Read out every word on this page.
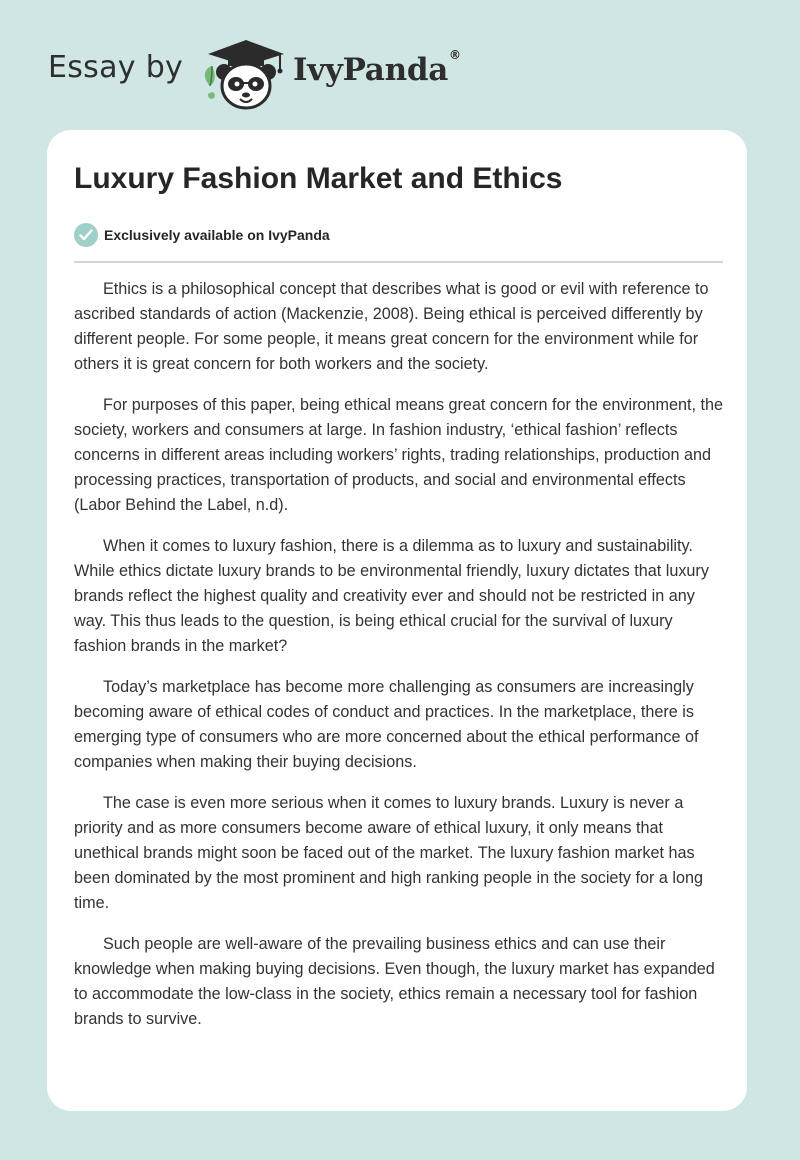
Essay by	IvyPanda®
Luxury Fashion Market and Ethics
Exclusively available on IvyPanda

Ethics is a philosophical concept that describes what is good or evil with reference to ascribed standards of action (Mackenzie, 2008). Being ethical is perceived differently by different people. For some people, it means great concern for the environment while for others it is great concern for both workers and the society.

For purposes of this paper, being ethical means great concern for the environment, the society, workers and consumers at large. In fashion industry, ‘ethical fashion’ reflects concerns in different areas including workers’ rights, trading relationships, production and processing practices, transportation of products, and social and environmental effects (Labor Behind the Label, n.d).

When it comes to luxury fashion, there is a dilemma as to luxury and sustainability. While ethics dictate luxury brands to be environmental friendly, luxury dictates that luxury brands reflect the highest quality and creativity ever and should not be restricted in any way. This thus leads to the question, is being ethical crucial for the survival of luxury fashion brands in the market?

Today’s marketplace has become more challenging as consumers are increasingly becoming aware of ethical codes of conduct and practices. In the marketplace, there is emerging type of consumers who are more concerned about the ethical performance of companies when making their buying decisions.

The case is even more serious when it comes to luxury brands. Luxury is never a priority and as more consumers become aware of ethical luxury, it only means that unethical brands might soon be faced out of the market. The luxury fashion market has been dominated by the most prominent and high ranking people in the society for a long time.

Such people are well-aware of the prevailing business ethics and can use their knowledge when making buying decisions. Even though, the luxury market has expanded to accommodate the low-class in the society, ethics remain a necessary tool for fashion brands to survive.
